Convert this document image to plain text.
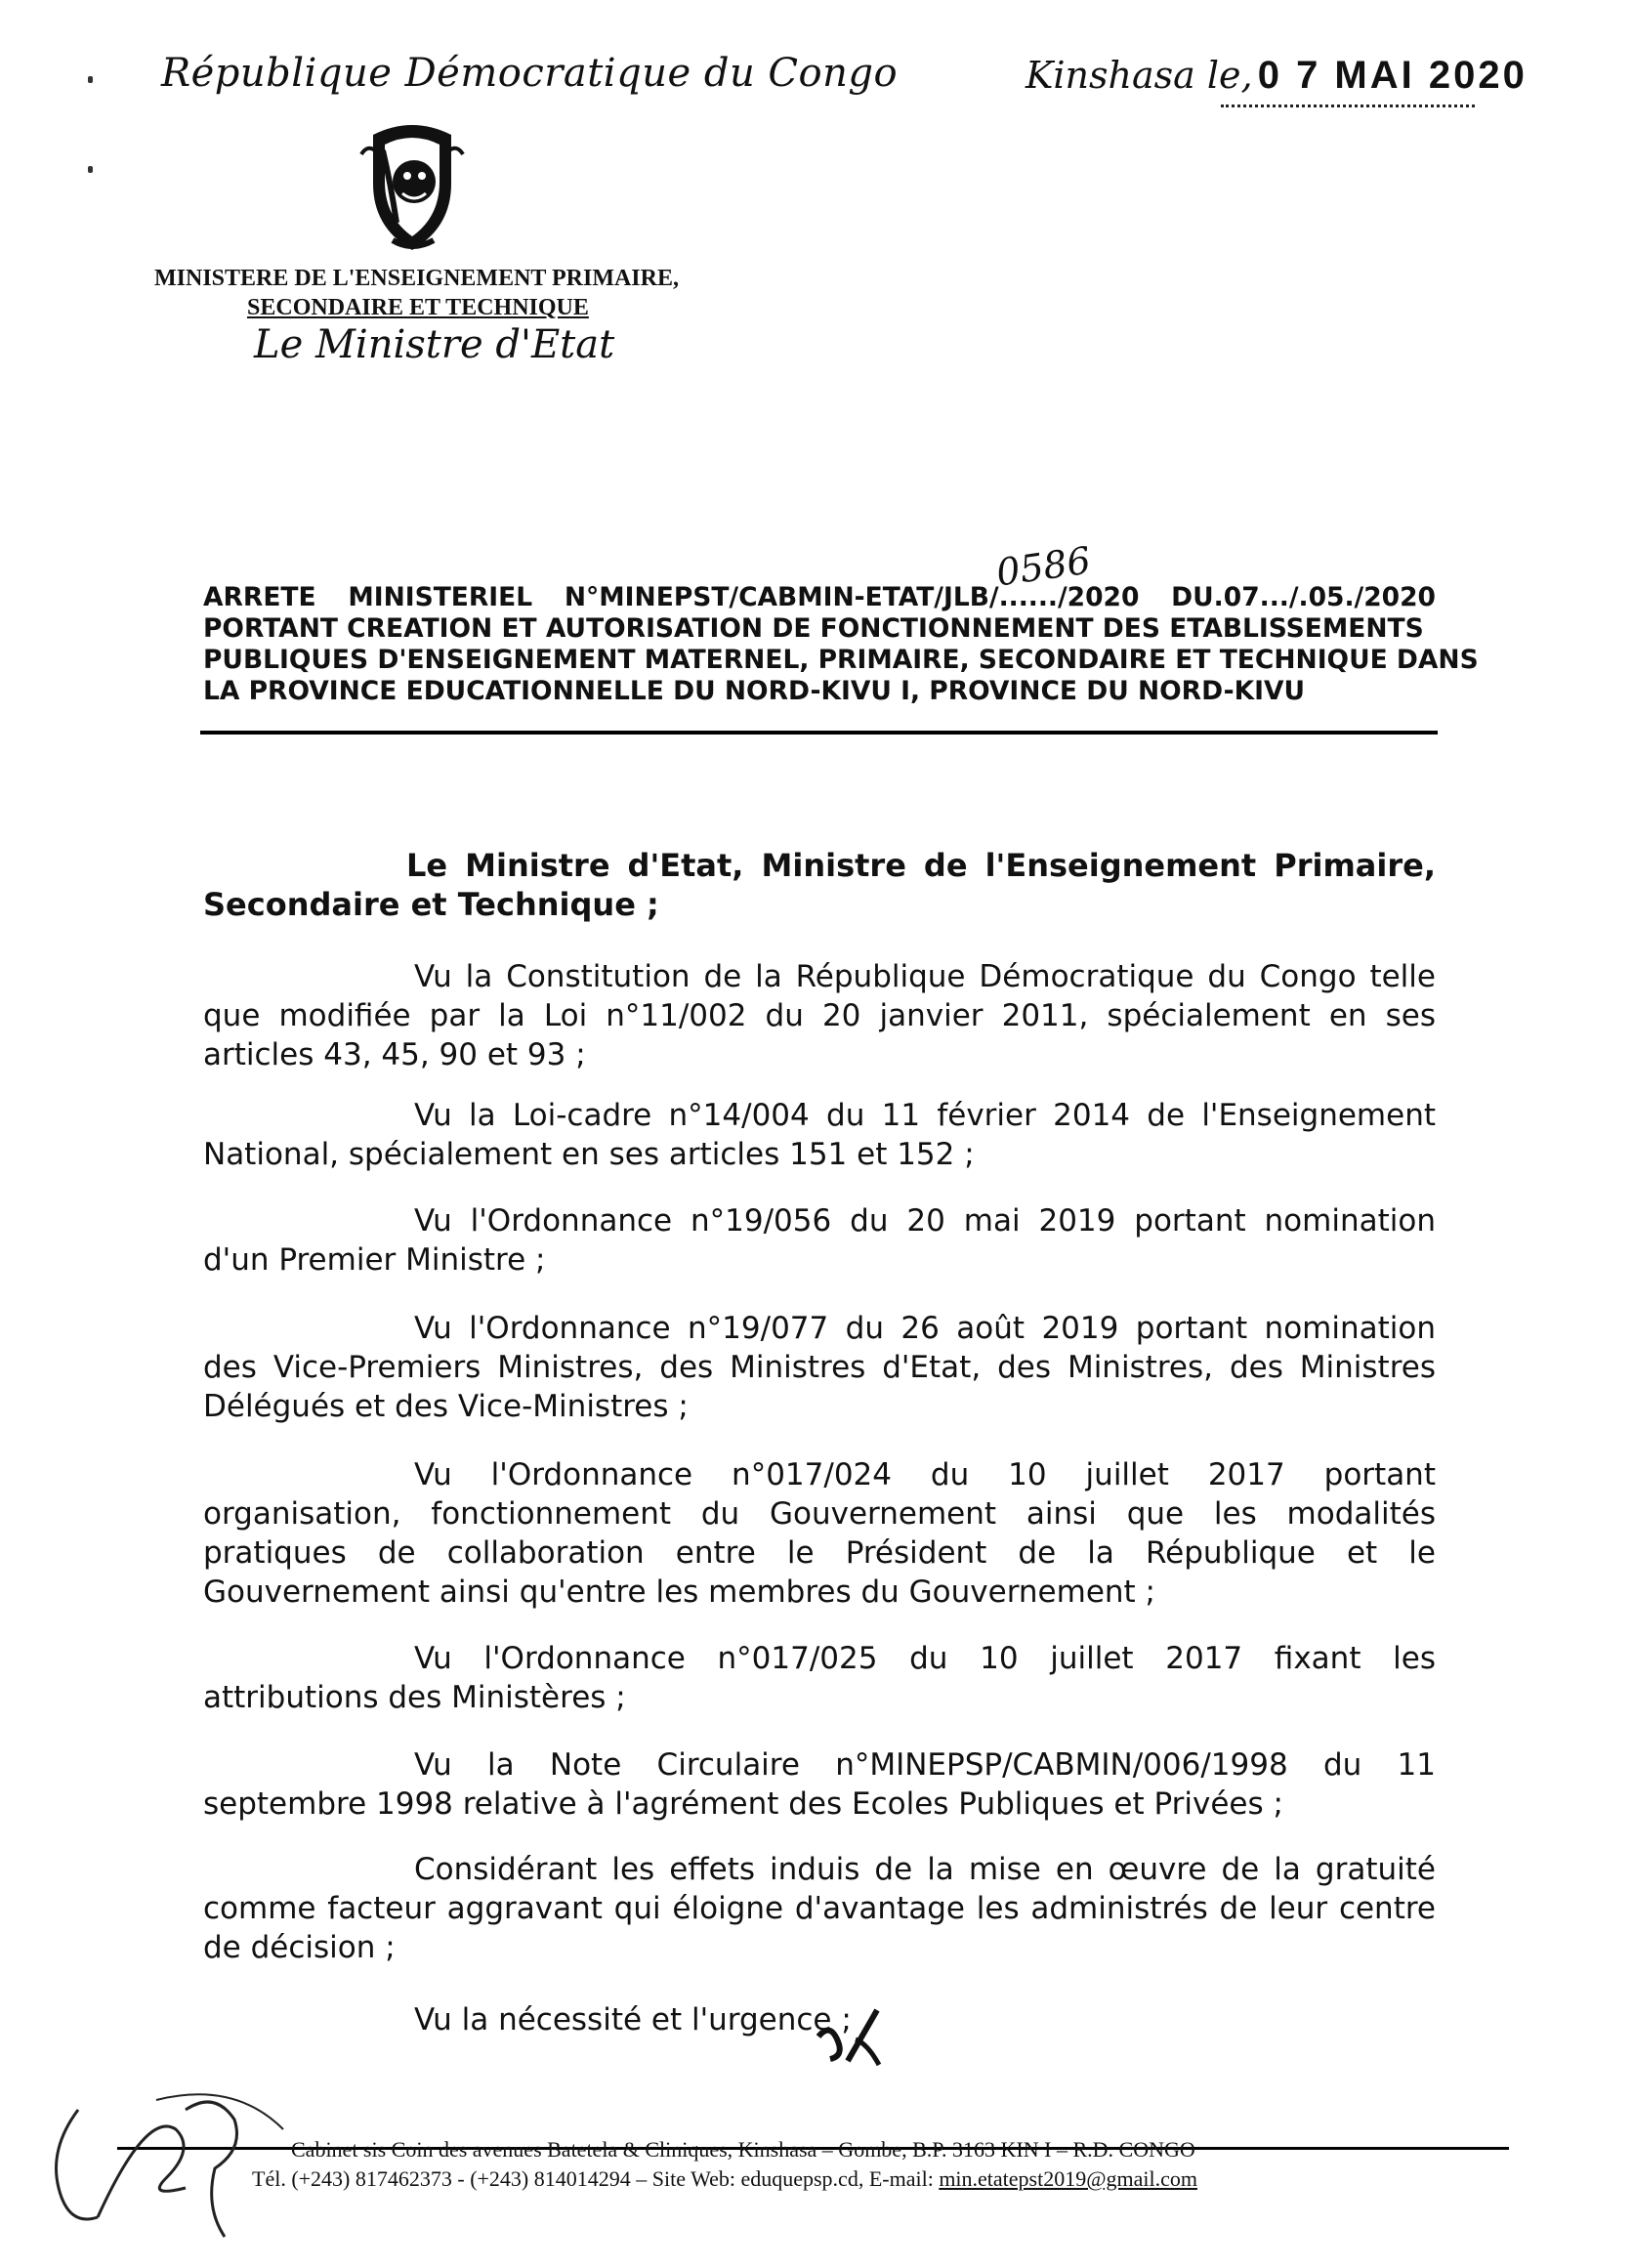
République Démocratique du Congo
MINISTERE DE L'ENSEIGNEMENT PRIMAIRE,
SECONDAIRE ET TECHNIQUE
Le Ministre d'Etat
Kinshasa le, 0 7 MAI 2020
0586
ARRETE MINISTERIEL N°MINEPST/CABMIN-ETAT/JLB/....../2020 DU.07.../.05./2020
PORTANT CREATION ET AUTORISATION DE FONCTIONNEMENT DES ETABLISSEMENTS
PUBLIQUES D'ENSEIGNEMENT MATERNEL, PRIMAIRE, SECONDAIRE ET TECHNIQUE DANS
LA PROVINCE EDUCATIONNELLE DU NORD-KIVU I, PROVINCE DU NORD-KIVU
Le Ministre d'Etat, Ministre de l'Enseignement Primaire, Secondaire et Technique ;
Vu la Constitution de la République Démocratique du Congo telle que modifiée par la Loi n°11/002 du 20 janvier 2011, spécialement en ses articles 43, 45, 90 et 93 ;
Vu la Loi-cadre n°14/004 du 11 février 2014 de l'Enseignement National, spécialement en ses articles 151 et 152 ;
Vu l'Ordonnance n°19/056 du 20 mai 2019 portant nomination d'un Premier Ministre ;
Vu l'Ordonnance n°19/077 du 26 août 2019 portant nomination des Vice-Premiers Ministres, des Ministres d'Etat, des Ministres, des Ministres Délégués et des Vice-Ministres ;
Vu l'Ordonnance n°017/024 du 10 juillet 2017 portant organisation, fonctionnement du Gouvernement ainsi que les modalités pratiques de collaboration entre le Président de la République et le Gouvernement ainsi qu'entre les membres du Gouvernement ;
Vu l'Ordonnance n°017/025 du 10 juillet 2017 fixant les attributions des Ministères ;
Vu la Note Circulaire n°MINEPSP/CABMIN/006/1998 du 11 septembre 1998 relative à l'agrément des Ecoles Publiques et Privées ;
Considérant les effets induis de la mise en œuvre de la gratuité comme facteur aggravant qui éloigne d'avantage les administrés de leur centre de décision ;
Vu la nécessité et l'urgence ;
Cabinet sis Coin des avenues Batetela & Cliniques, Kinshasa – Gombe, B.P. 3163 KIN I – R.D. CONGO
Tél. (+243) 817462373 - (+243) 814014294 – Site Web: eduquepsp.cd, E-mail: min.etatepst2019@gmail.com
